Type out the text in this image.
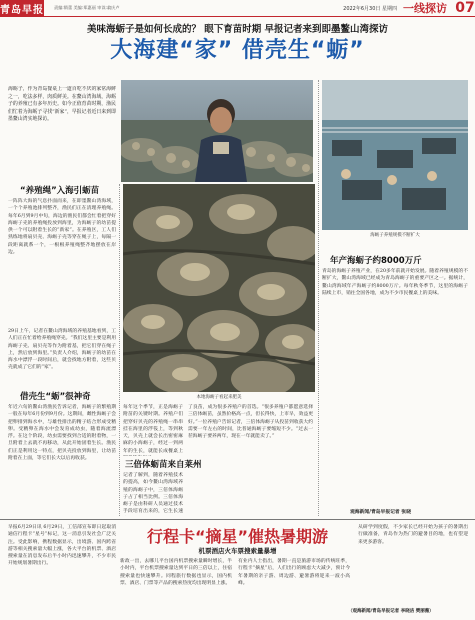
青岛早报 责编:隋蕾 美编:郑惠丽 审读:翁庆卢	2022年6月30日 星期四 一线探访 07
美味海蛎子是如何长成的？ 眼下育苗时期 早报记者来到即墨鳌山湾探访
大海建“家” 借壳生“蛎”
海蛎子，作为青岛餐桌上一道百吃不厌的家常海鲜之一，吃法多样，肉质鲜美。在鳌山湾海域，海蛎子的养殖已有多年历史。如今正值育苗时期，渔民们忙着为海蛎子寻找“新家”，早报记者近日来到即墨鳌山湾实地探访。
“养殖绳”入海引蛎苗
一阵阵大海的气息扑面而来，在即墨鳌山湾海域，一个个养殖池排列整齐，渔民们正在清理养殖绳。每年6月到9月中旬，海边的渔民们都会忙着把穿好海蛎子壳的养殖绳投放到海里，为海蛎子的幼苗提供一个可以附着生长的“新家”。在养殖区，工人们熟练地将扇贝壳、海蛎子壳等穿在绳子上，每隔一段距离就系一个，一根根养殖绳整齐地摆放在岸边。
29日上午，记者在鳌山湾海域的养殖基地看到，工人们正在忙着给养殖绳穿壳。“我们这里主要是利用海蛎子壳、扇贝壳等作为附着基，把它们穿在绳子上，然后放到海里。”负责人介绍，海蛎子的幼苗在海水中漂浮一段时间后，就会找地方附着，这些贝壳就成了它们的“家”。
借壳生“蛎”很神奇
年近六旬的鳌山湾渔民告诉记者，海蛎子的繁殖期一般在每年6月份到9月份。这期间，雌性海蛎子会把卵排到海水中，与雄性排出的精子结合形成受精卵。受精卵在海水中会发育成幼虫，随着海流漂浮。在这个阶段，幼虫需要找到合适的附着物，一旦附着上去就不再移动，从此开始固着生长。渔民们正是利用这一特点，把贝壳投放到海里，让幼苗附着在上面，等它们长大以后再收获。
本地海蛎子看起来肥美
每年这个季节，正是海蛎子附苗的关键时期。养殖户们把穿好贝壳的养殖绳一串串挂在海里的浮筏上，等到秋天，贝壳上就会长出密密麻麻的小海蛎子，经过一到两年的生长，就能长成餐桌上
三倍体蛎苗来自莱州
记者了解到，随着养殖技术的提高，如今鳌山湾海域养殖的海蛎子中，三倍体海蛎子占了相当比例。三倍体海蛎子是由科研人员通过技术手段培育出来的，它生长速
了良苗，成为很多养殖户的首选。“很多养殖户都愿意选择三倍体蛎苗，虽然价格高一点，但长得快，上市早，效益更好。”一位养殖户告诉记者，三倍体海蛎子从投苗到收获大约需要一年左右的时间，比普通海蛎子要缩短不少。“过去一茬海蛎子要养两年，现在一年就能卖了。”
海蛎子养殖规模不断扩大
年产海蛎子约8000万斤
青岛的海蛎子养殖产业，在20多年前就开始发展。随着养殖规模的不断扩大，鳌山湾海域已经成为青岛海蛎子的重要产区之一。据统计，鳌山湾海域年产海蛎子约8000万斤。每年秋冬季节，这里的海蛎子陆续上市，销往全国各地，成为不少市民餐桌上的美味。
观海新闻/青岛早报记者 张晓
早报6月29日讯 6月29日，工信部宣布即日起取消通信行程卡“星号”标记，这一消息引发社会广泛关注。受此影响，携程数据显示，出境游、国内跨省游等相关搜索量大幅上涨，各大平台的机票、酒店搜索量在消息发布后半小时内迅速攀升，不少市民开始规划暑期出行。
行程卡“摘星”催热暑期游
机票酒店火车票搜索量暴增
新政一出，去哪儿平台国内机票搜索量瞬时增长，半小时内，平台机票搜索量达到平日的三倍以上，住宿搜索量也快速攀升。同程旅行数据也显示，国内机票、酒店、门票等产品的搜索热度均出现明显上涨。
有业内人士指出，暑期一直是旅游市场的传统旺季，行程卡“摘星”后，人们出行的顾虑大大减少，预计今年暑期的亲子游、周边游、避暑游将迎来一波小高峰。
从研学到度假，不少家长已经开始为孩子的暑期出行做准备，青岛作为热门的避暑目的地，也有望迎来更多游客。
（观海新闻/青岛早报记者 李晓洁 樊丽薇）
